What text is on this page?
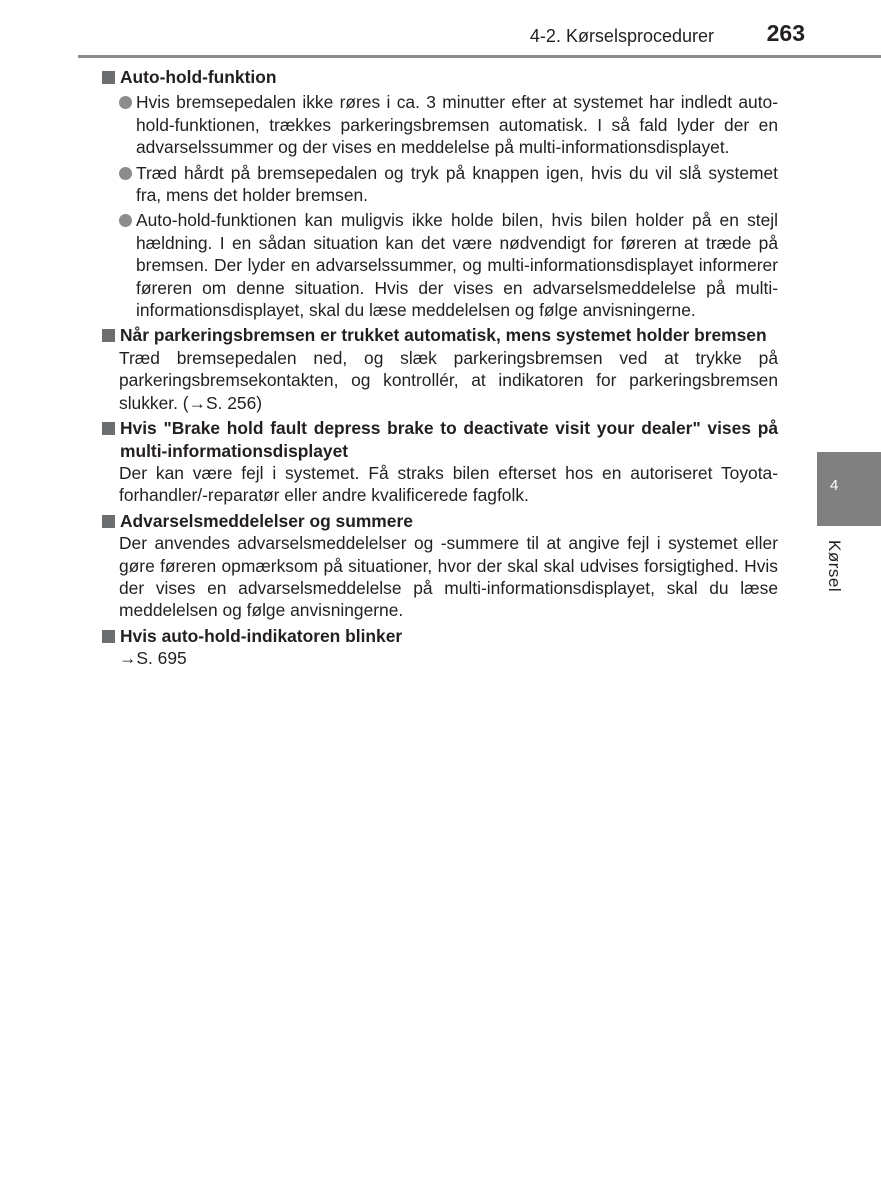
4-2. Kørselsprocedurer 263
4
Kørsel
Auto-hold-funktion
Hvis bremsepedalen ikke røres i ca. 3 minutter efter at systemet har indledt auto-hold-funktionen, trækkes parkeringsbremsen automatisk. I så fald lyder der en advarselssummer og der vises en meddelelse på multi-informationsdisplayet.
Træd hårdt på bremsepedalen og tryk på knappen igen, hvis du vil slå systemet fra, mens det holder bremsen.
Auto-hold-funktionen kan muligvis ikke holde bilen, hvis bilen holder på en stejl hældning. I en sådan situation kan det være nødvendigt for føreren at træde på bremsen. Der lyder en advarselssummer, og multi-informationsdisplayet informerer føreren om denne situation. Hvis der vises en advarselsmeddelelse på multi-informationsdisplayet, skal du læse meddelelsen og følge anvisningerne.
Når parkeringsbremsen er trukket automatisk, mens systemet holder bremsen
Træd bremsepedalen ned, og slæk parkeringsbremsen ved at trykke på parkeringsbremsekontakten, og kontrollér, at indikatoren for parkeringsbremsen slukker. (→S. 256)
Hvis "Brake hold fault depress brake to deactivate visit your dealer" vises på multi-informationsdisplayet
Der kan være fejl i systemet. Få straks bilen efterset hos en autoriseret Toyota-forhandler/-reparatør eller andre kvalificerede fagfolk.
Advarselsmeddelelser og summere
Der anvendes advarselsmeddelelser og -summere til at angive fejl i systemet eller gøre føreren opmærksom på situationer, hvor der skal skal udvises forsigtighed. Hvis der vises en advarselsmeddelelse på multi-informationsdisplayet, skal du læse meddelelsen og følge anvisningerne.
Hvis auto-hold-indikatoren blinker
→S. 695
